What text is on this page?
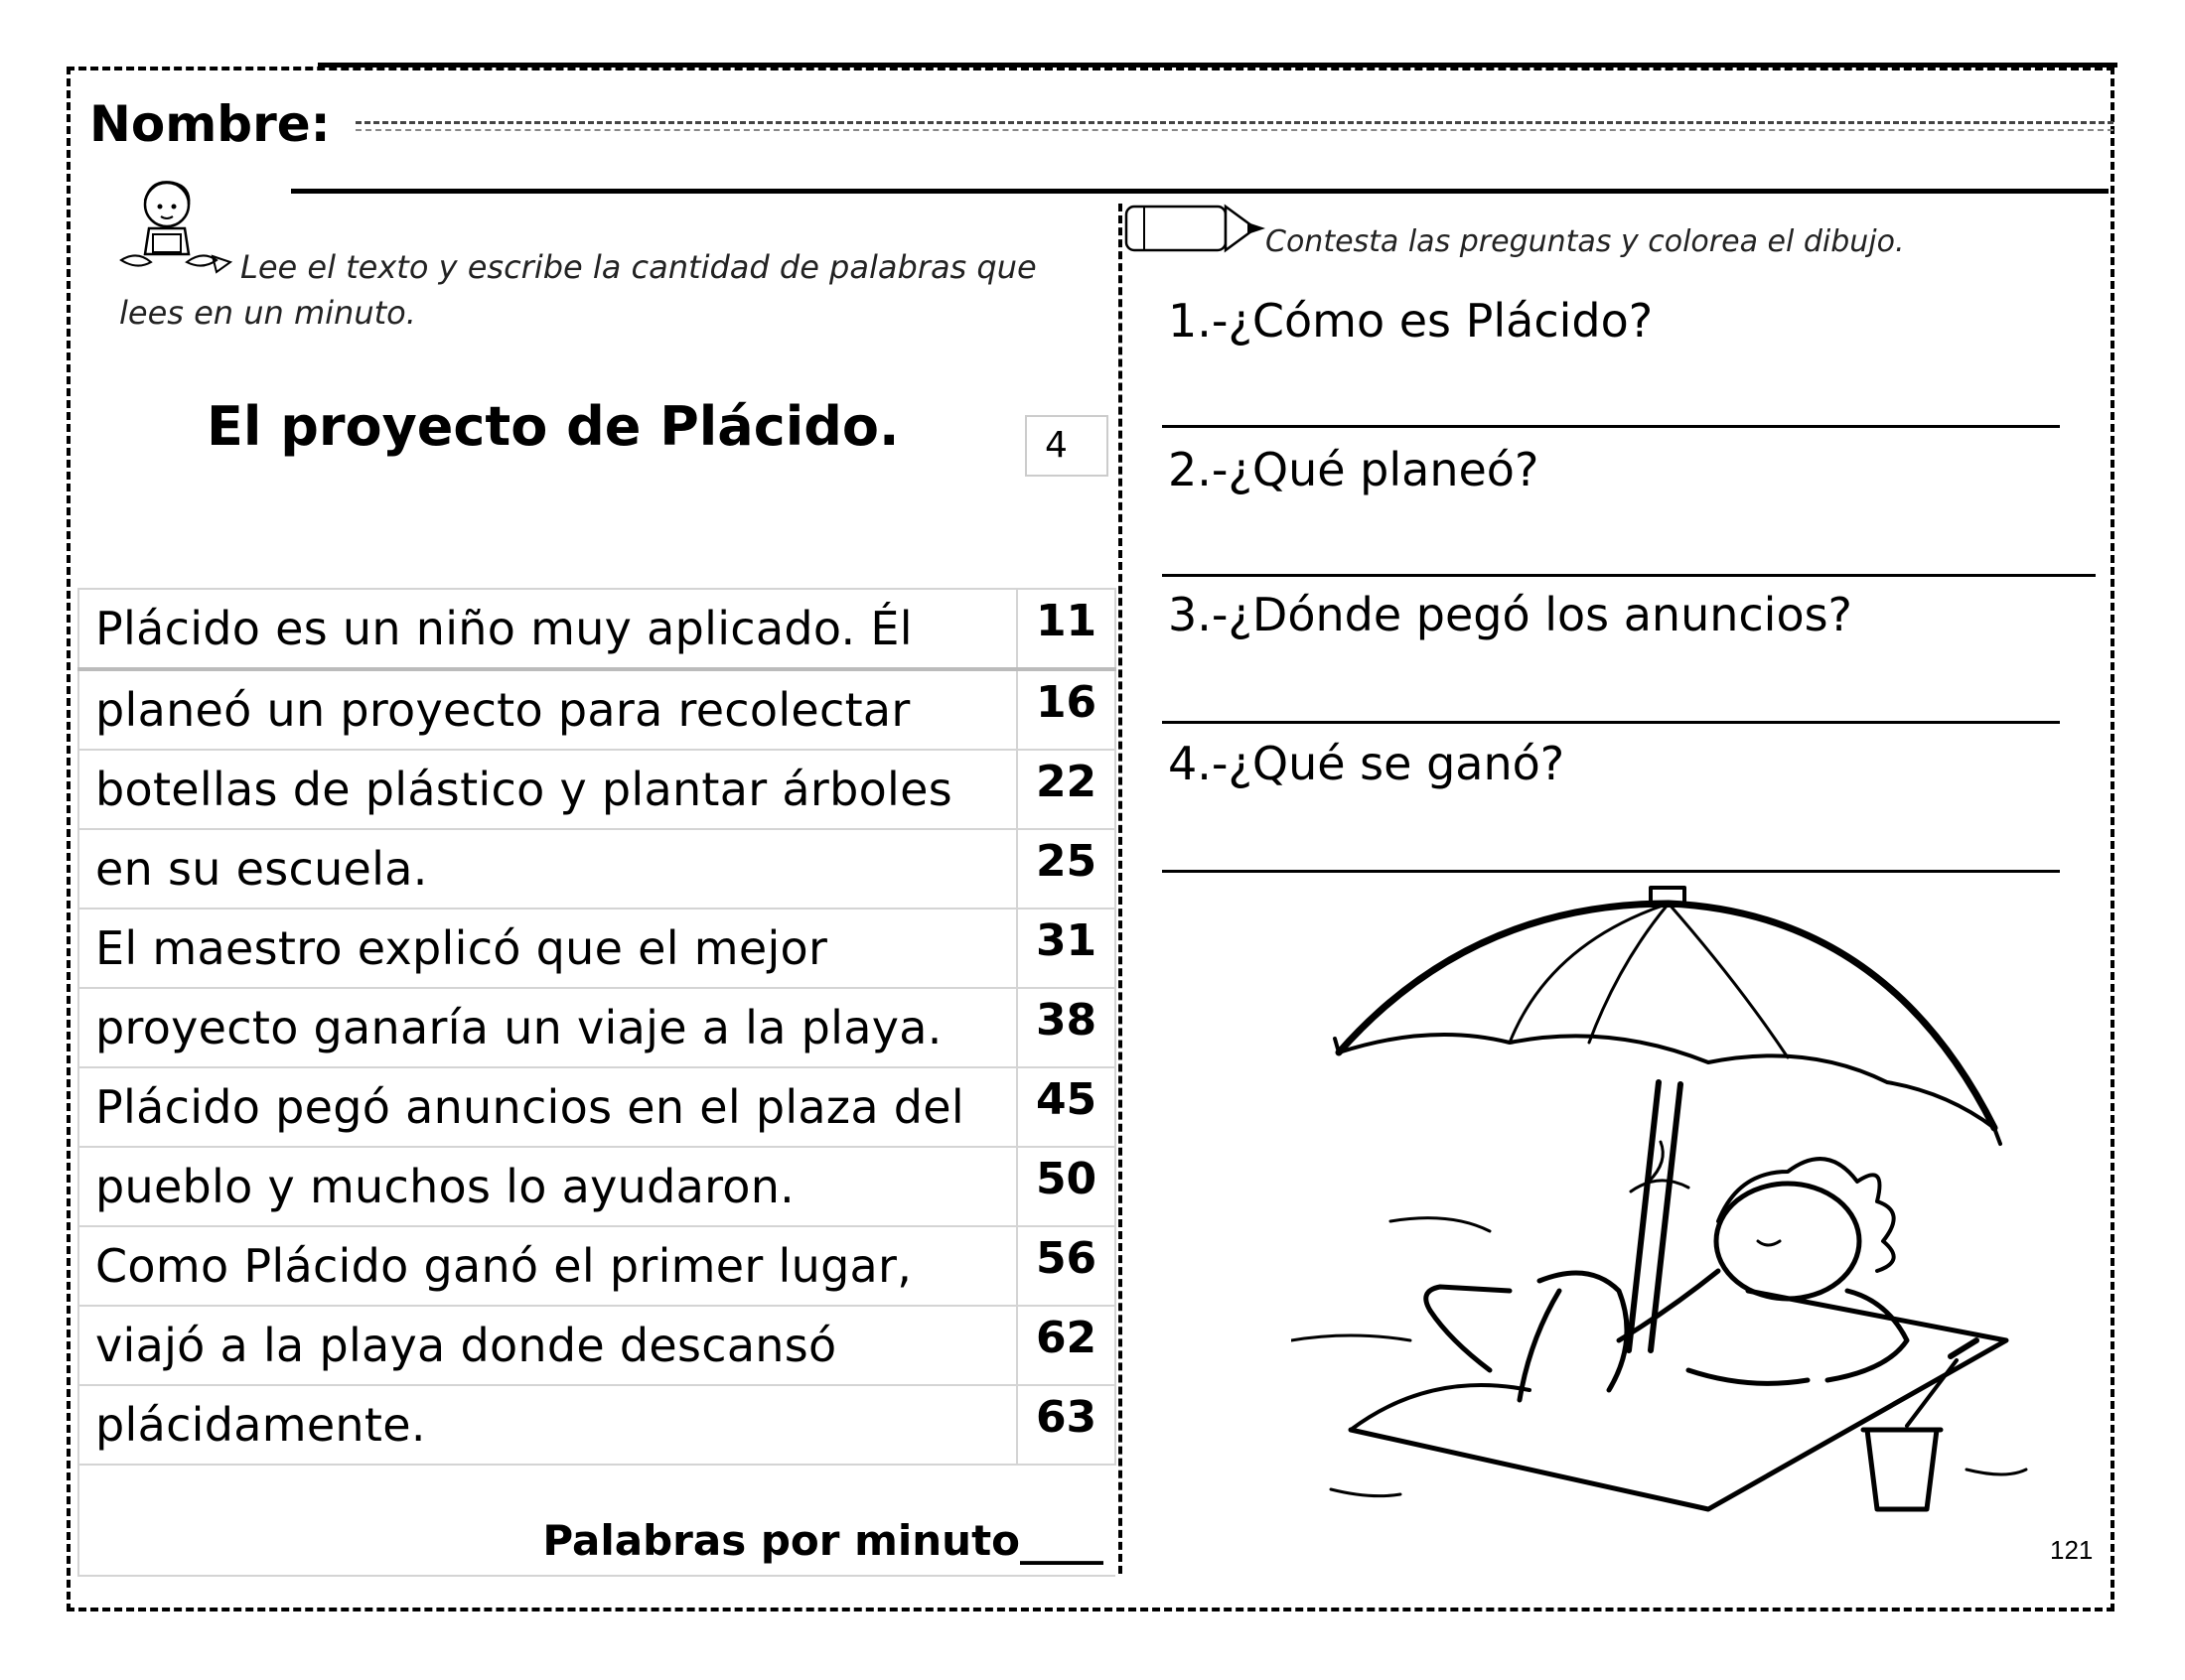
Nombre:
Lee el texto y escribe la cantidad de palabras que lees en un minuto.
El proyecto de Plácido.	4
Plácido es un niño muy aplicado. Él	11
planeó un proyecto para recolectar	16
botellas de plástico y plantar árboles	22
en su escuela.	25
El maestro explicó que el mejor	31
proyecto ganaría un viaje a la playa.	38
Plácido pegó anuncios en el plaza del	45
pueblo y muchos lo ayudaron.	50
Como Plácido ganó el primer lugar,	56
viajó a la playa donde descansó	62
plácidamente.	63

Palabras por minuto____	
Contesta las preguntas y colorea el dibujo.
1.-¿Cómo es Plácido?
2.-¿Qué planeó?
3.-¿Dónde pegó los anuncios?
4.-¿Qué se ganó?
121
